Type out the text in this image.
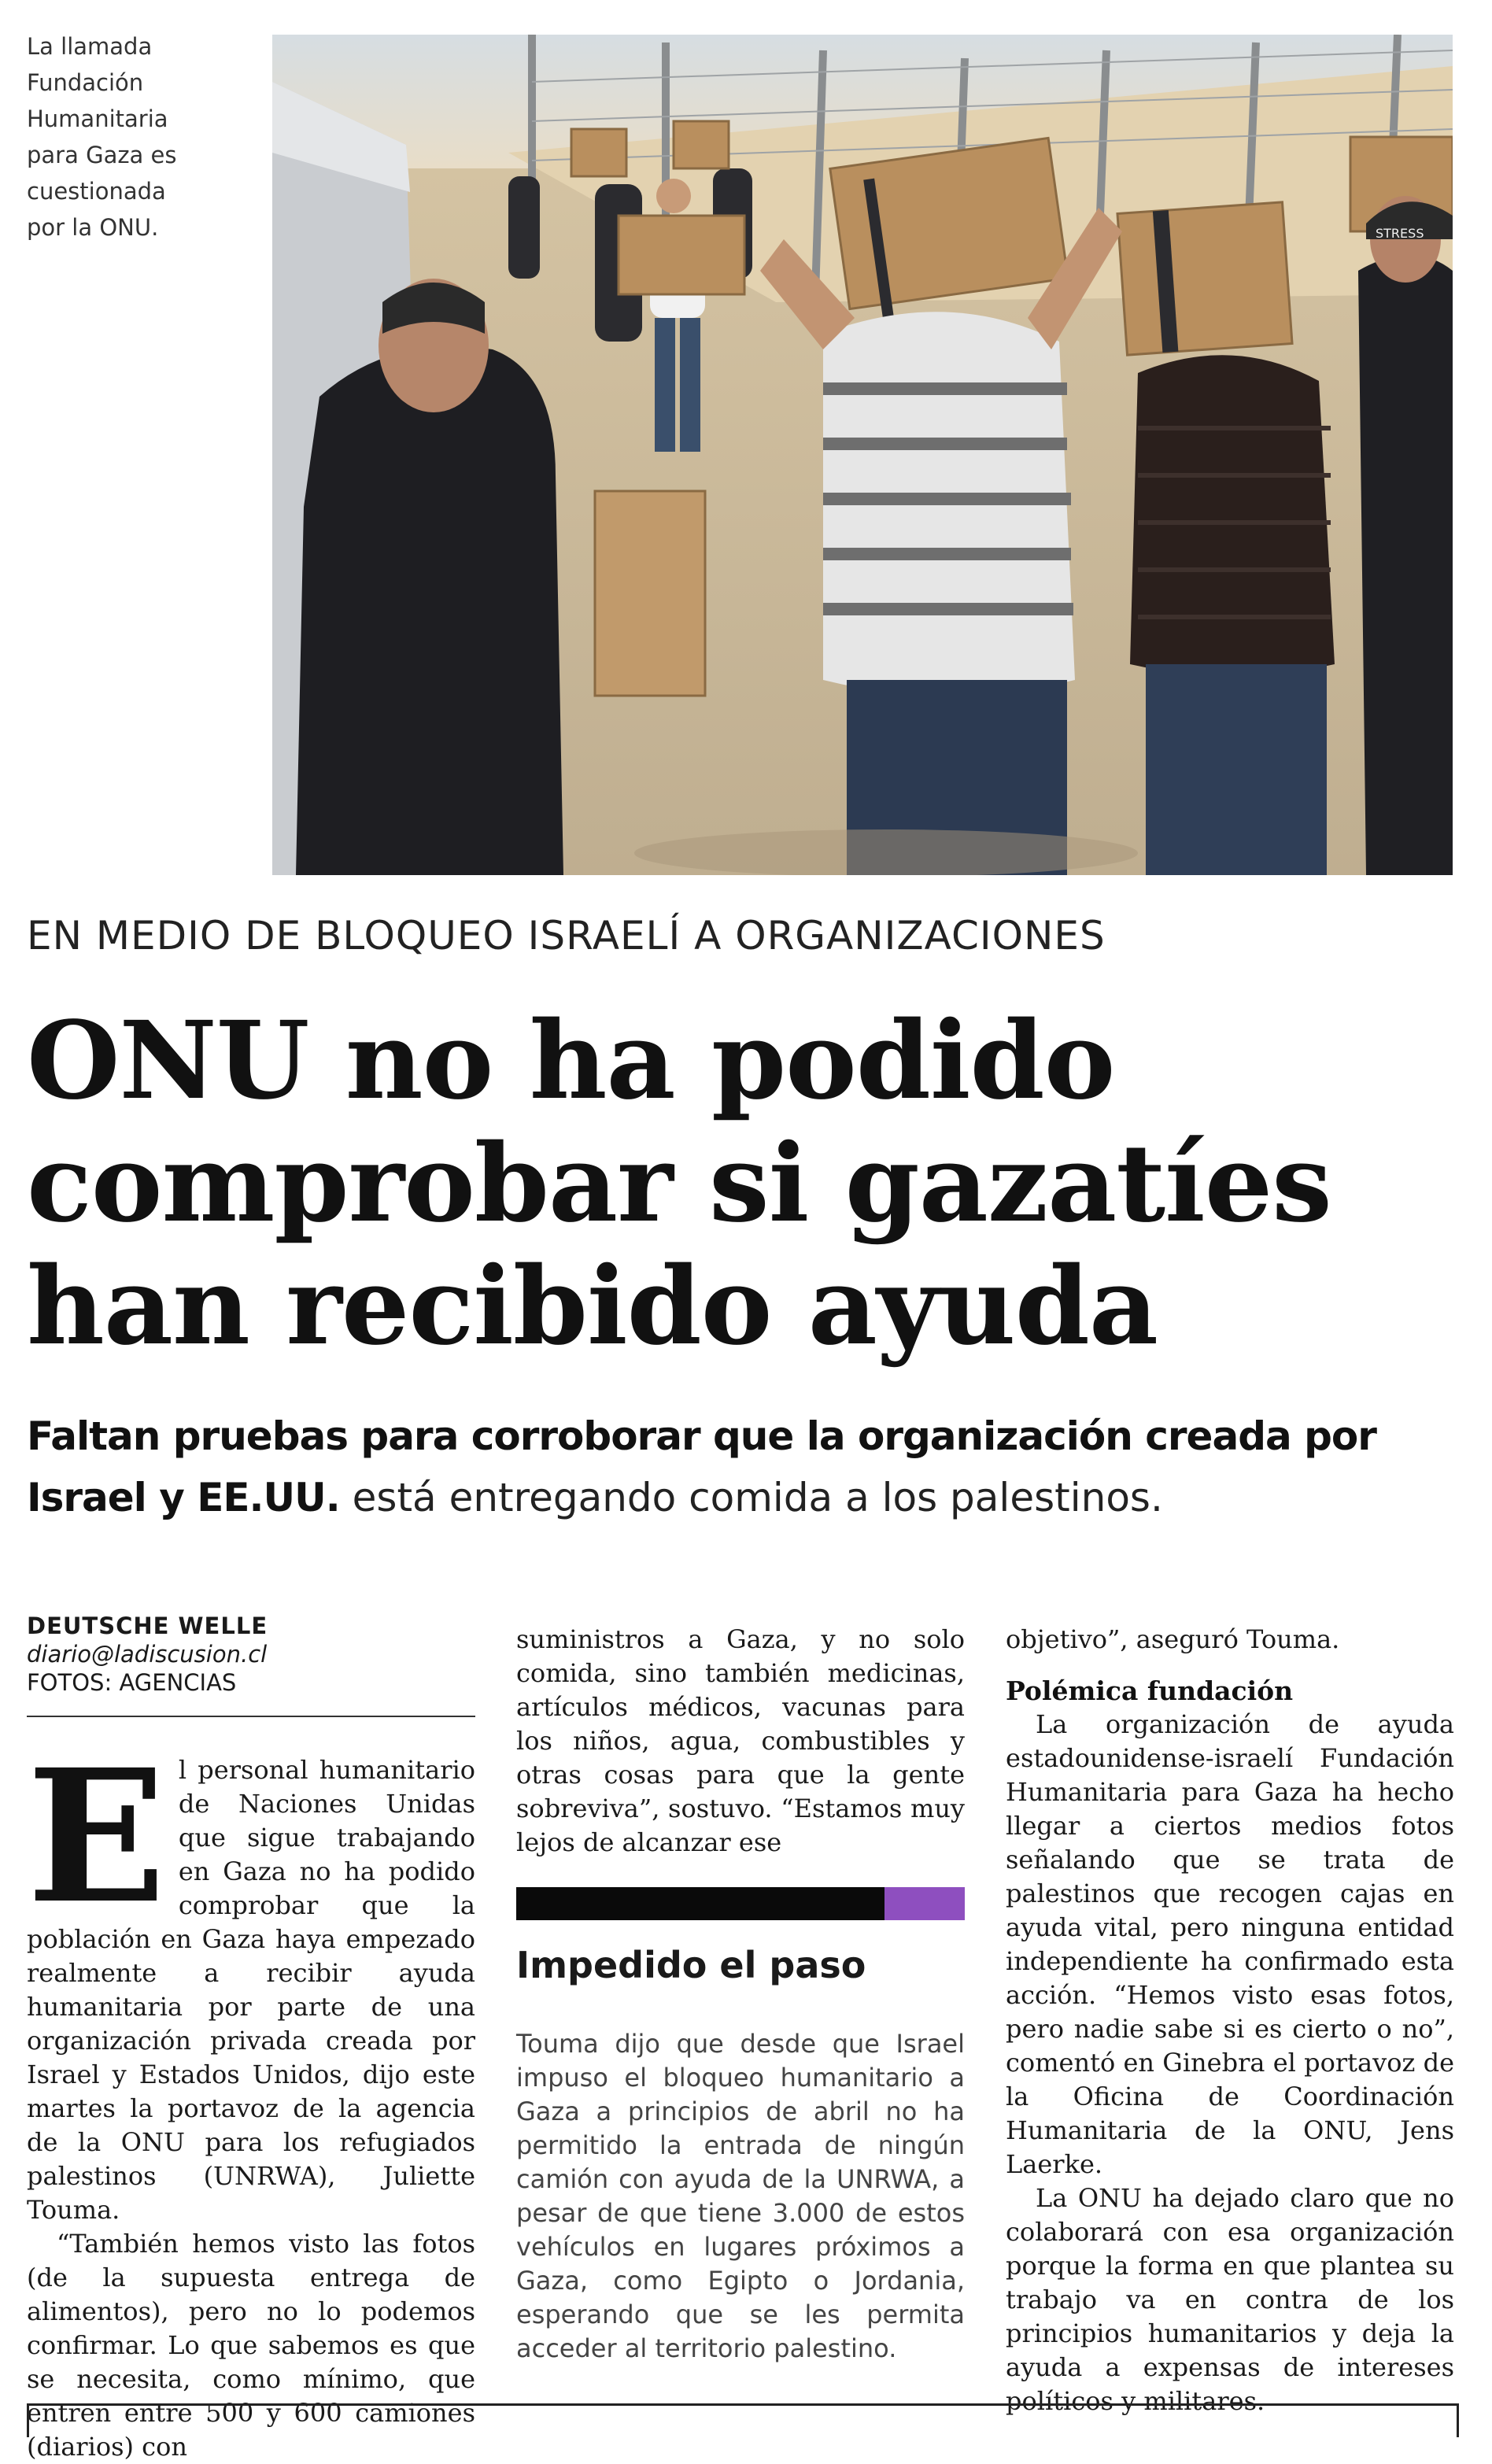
La llamada
Fundación
Humanitaria
para Gaza es
cuestionada
por la ONU.	STRESS
EN MEDIO DE BLOQUEO ISRAELÍ A ORGANIZACIONES
ONU no ha podido comprobar si gazatíes han recibido ayuda
Faltan pruebas para corroborar que la organización creada por Israel y EE.UU. está entregando comida a los palestinos.
DEUTSCHE WELLE
diario@ladiscusion.cl
FOTOS: AGENCIAS
E l personal humanitario de Naciones Unidas que sigue trabajando en Gaza no ha podido comprobar que la población en Gaza haya empezado realmente a recibir ayuda humanitaria por parte de una organización privada creada por Israel y Estados Unidos, dijo este martes la portavoz de la agencia de la ONU para los refugiados palestinos (UNRWA), Juliette Touma.

“También hemos visto las fotos (de la supuesta entrega de alimentos), pero no lo podemos confirmar. Lo que sabemos es que se necesita, como mínimo, que entren entre 500 y 600 camiones (diarios) con

suministros a Gaza, y no solo comida, sino también medicinas, artículos médicos, vacunas para los niños, agua, combustibles y otras cosas para que la gente sobreviva”, sostuvo. “Estamos muy lejos de alcanzar ese

Impedido el paso
Touma dijo que desde que Israel impuso el bloqueo humanitario a Gaza a principios de abril no ha permitido la entrada de ningún camión con ayuda de la UNRWA, a pesar de que tiene 3.000 de estos vehículos en lugares próximos a Gaza, como Egipto o Jordania, esperando que se les permita acceder al territorio palestino.

objetivo”, aseguró Touma.

Polémica fundación

La organización de ayuda estadounidense-israelí Fundación Humanitaria para Gaza ha hecho llegar a ciertos medios fotos señalando que se trata de palestinos que recogen cajas en ayuda vital, pero ninguna entidad independiente ha confirmado esta acción. “Hemos visto esas fotos, pero nadie sabe si es cierto o no”, comentó en Ginebra el portavoz de la Oficina de Coordinación Humanitaria de la ONU, Jens Laerke.

La ONU ha dejado claro que no colaborará con esa organización porque la forma en que plantea su trabajo va en contra de los principios humanitarios y deja la ayuda a expensas de intereses políticos y militares.
